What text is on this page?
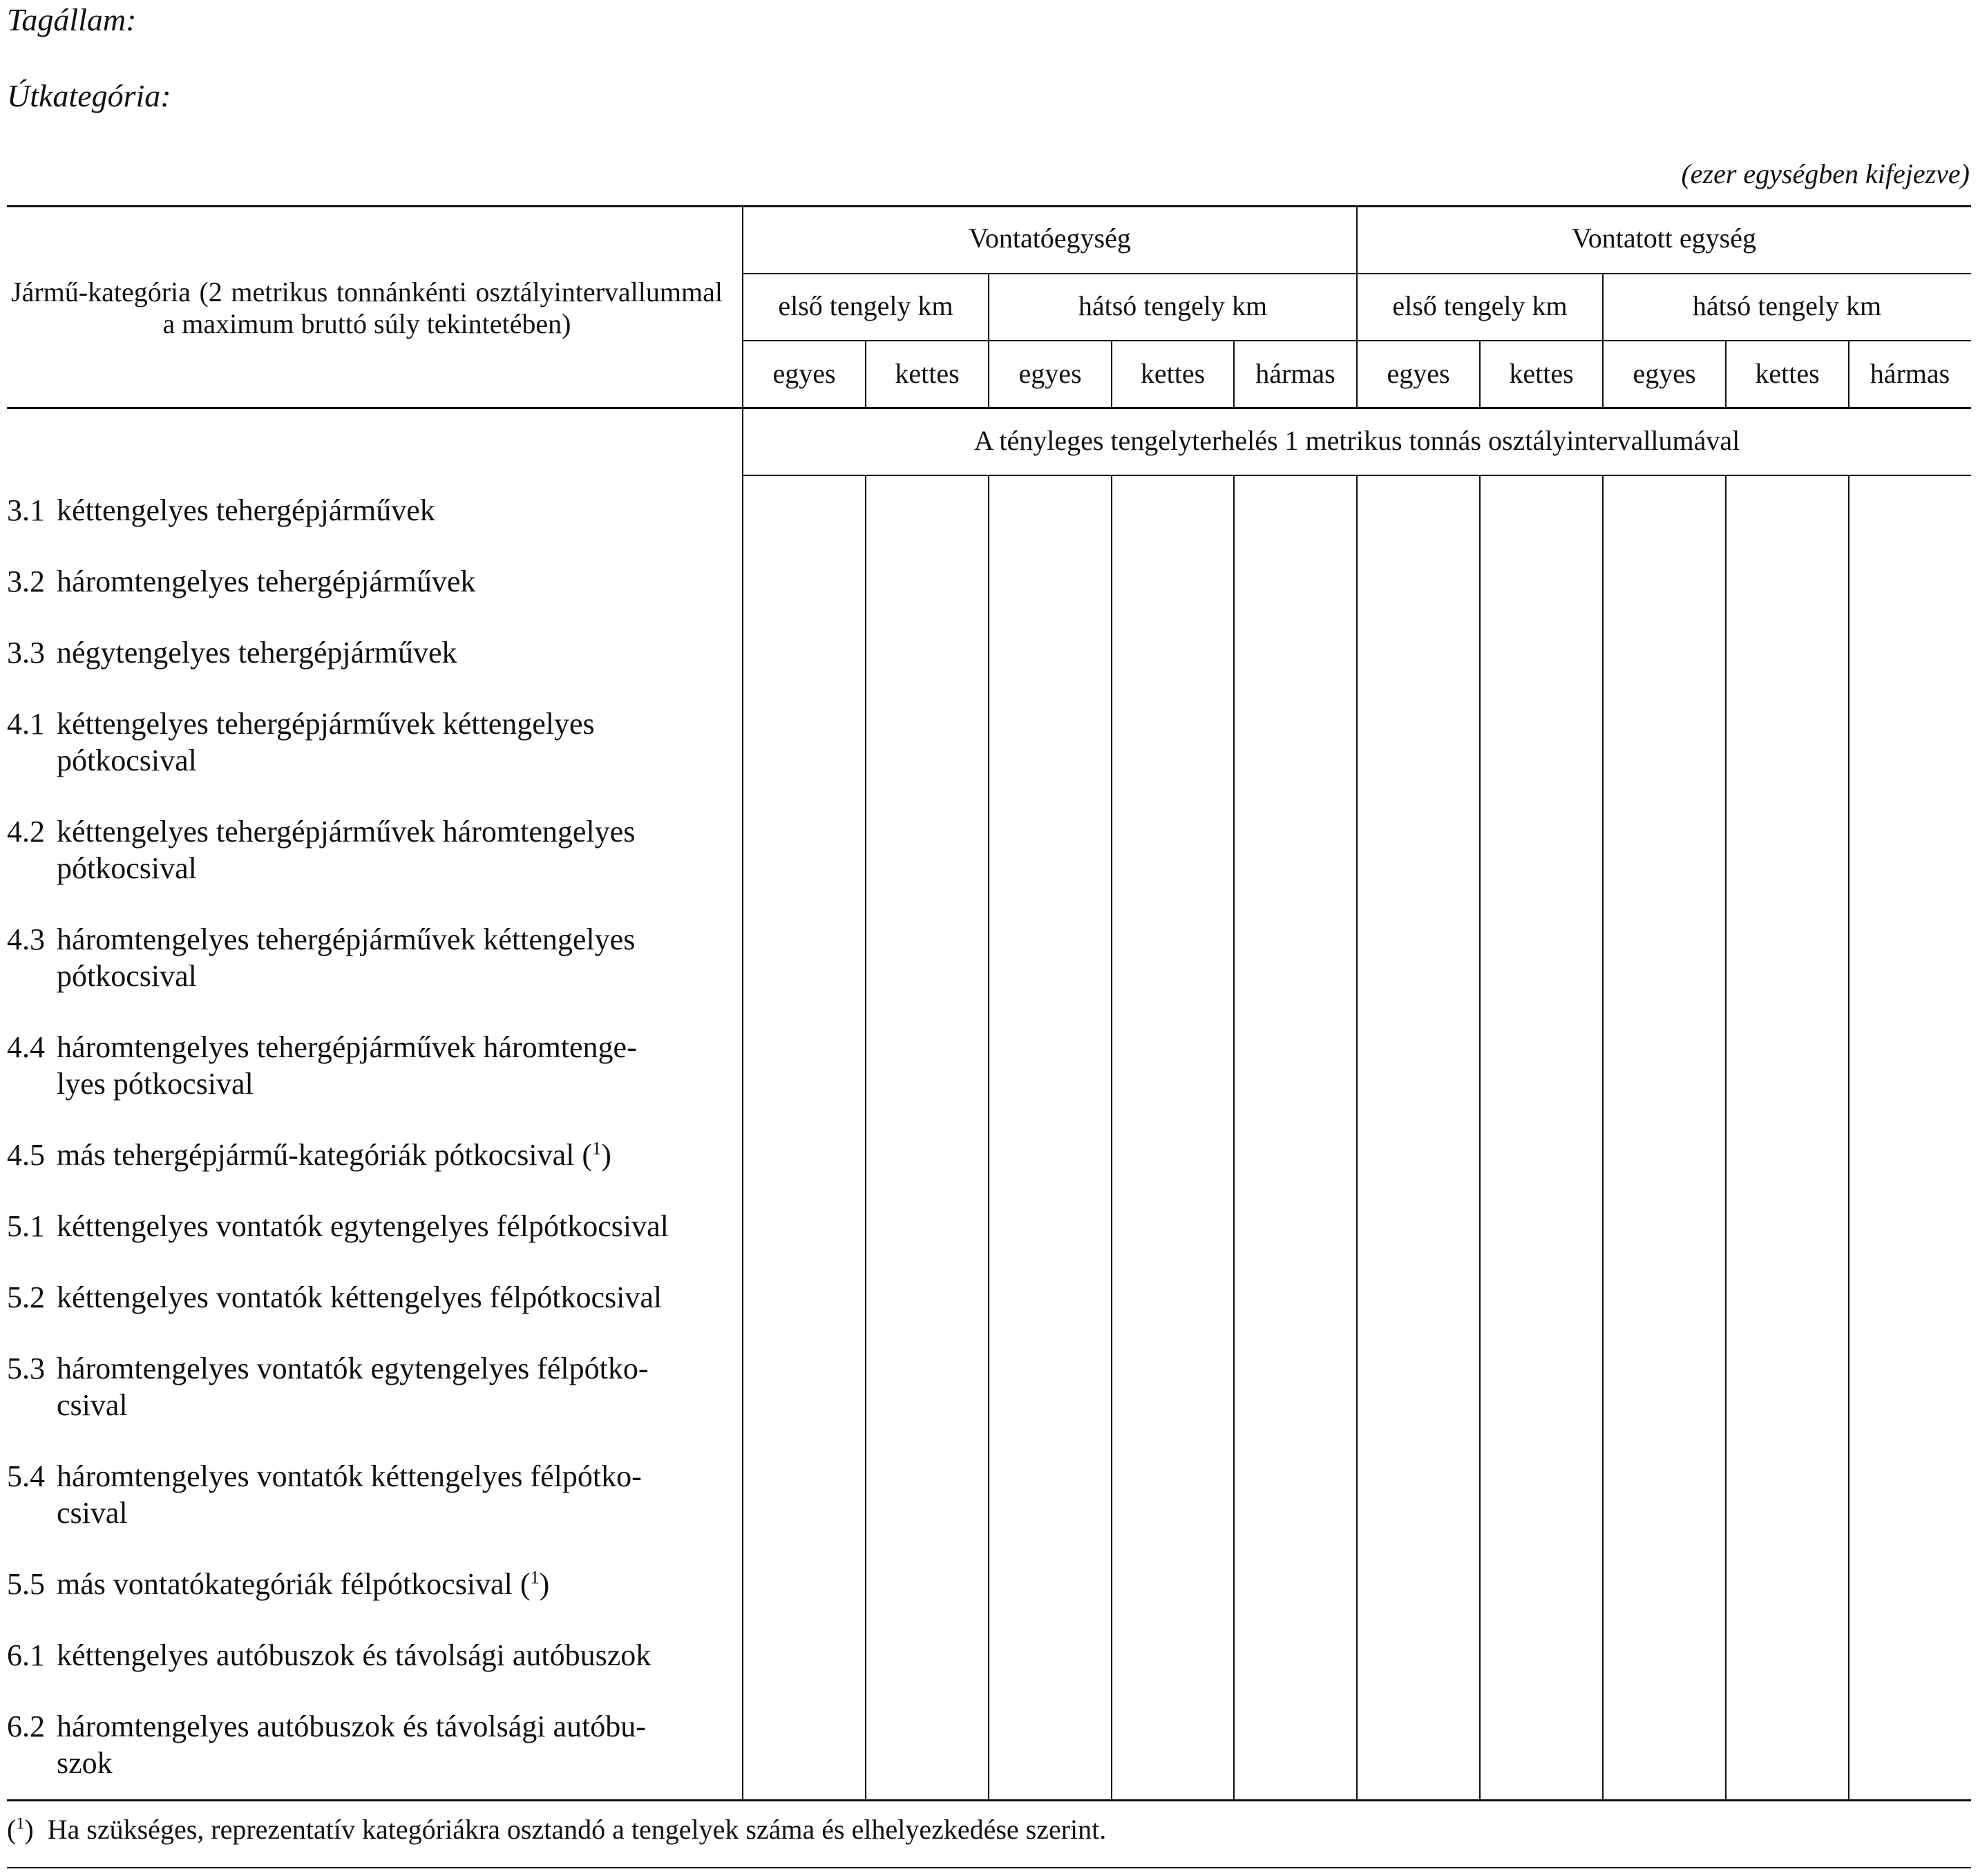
Tagállam:
Útkategória:
(ezer egységben kifejezve)
Jármű-kategória (2 metrikus tonnánkénti osztályintervallummal a maximum bruttó súly tekintetében)
Vontatóegység	Vontatott egység
első tengely km	hátsó tengely km	első tengely km	hátsó tengely km
egyes	kettes	egyes	kettes	hármas	egyes	kettes	egyes	kettes	hármas
A tényleges tengelyterhelés 1 metrikus tonnás osztályintervallumával
3.1 kéttengelyes tehergépjárművek
3.2 háromtengelyes tehergépjárművek
3.3 négytengelyes tehergépjárművek
4.1 kéttengelyes tehergépjárművek kéttengelyes
pótkocsival
4.2 kéttengelyes tehergépjárművek háromtengelyes
pótkocsival
4.3 háromtengelyes tehergépjárművek kéttengelyes
pótkocsival
4.4 háromtengelyes tehergépjárművek háromtenge-
lyes pótkocsival
4.5 más tehergépjármű-kategóriák pótkocsival ($^1$)
5.1 kéttengelyes vontatók egytengelyes félpótkocsival
5.2 kéttengelyes vontatók kéttengelyes félpótkocsival
5.3 háromtengelyes vontatók egytengelyes félpótko-
csival
5.4 háromtengelyes vontatók kéttengelyes félpótko-
csival
5.5 más vontatókategóriák félpótkocsival ($^1$)
6.1 kéttengelyes autóbuszok és távolsági autóbuszok
6.2 háromtengelyes autóbuszok és távolsági autóbu-
szok
($^1$)  Ha szükséges, reprezentatív kategóriákra osztandó a tengelyek száma és elhelyezkedése szerint.
